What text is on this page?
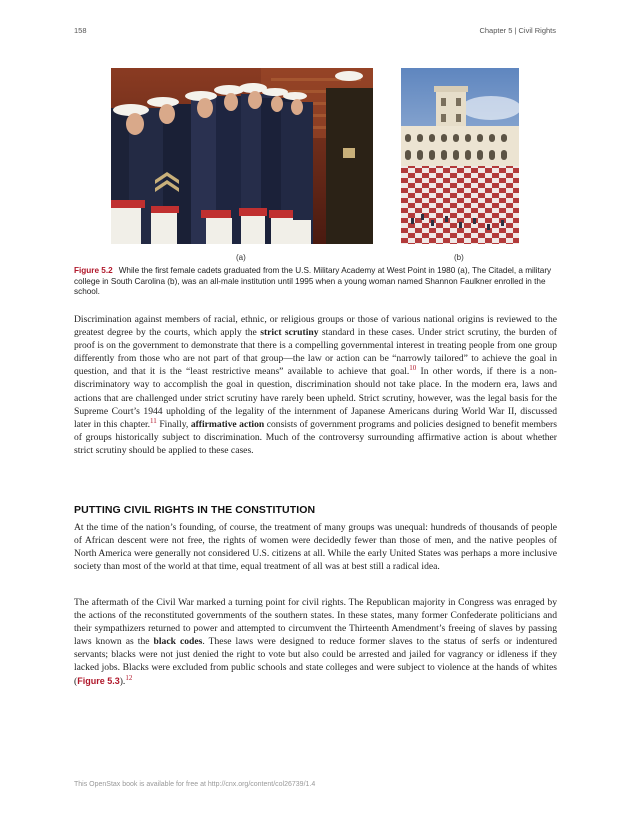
158	Chapter 5 | Civil Rights
(a)	(b)

Figure 5.2 While the first female cadets graduated from the U.S. Military Academy at West Point in 1980 (a), The Citadel, a military college in South Carolina (b), was an all-male institution until 1995 when a young woman named Shannon Faulkner enrolled in the school.

Discrimination against members of racial, ethnic, or religious groups or those of various national origins is reviewed to the greatest degree by the courts, which apply the strict scrutiny standard in these cases. Under strict scrutiny, the burden of proof is on the government to demonstrate that there is a compelling governmental interest in treating people from one group differently from those who are not part of that group—the law or action can be “narrowly tailored” to achieve the goal in question, and that it is the “least restrictive means” available to achieve that goal.$^{10}$ In other words, if there is a non-discriminatory way to accomplish the goal in question, discrimination should not take place. In the modern era, laws and actions that are challenged under strict scrutiny have rarely been upheld. Strict scrutiny, however, was the legal basis for the Supreme Court’s 1944 upholding of the legality of the internment of Japanese Americans during World War II, discussed later in this chapter.$^{11}$ Finally, affirmative action consists of government programs and policies designed to benefit members of groups historically subject to discrimination. Much of the controversy surrounding affirmative action is about whether strict scrutiny should be applied to these cases.

PUTTING CIVIL RIGHTS IN THE CONSTITUTION

At the time of the nation’s founding, of course, the treatment of many groups was unequal: hundreds of thousands of people of African descent were not free, the rights of women were decidedly fewer than those of men, and the native peoples of North America were generally not considered U.S. citizens at all. While the early United States was perhaps a more inclusive society than most of the world at that time, equal treatment of all was at best still a radical idea.

The aftermath of the Civil War marked a turning point for civil rights. The Republican majority in Congress was enraged by the actions of the reconstituted governments of the southern states. In these states, many former Confederate politicians and their sympathizers returned to power and attempted to circumvent the Thirteenth Amendment’s freeing of slaves by passing laws known as the black codes. These laws were designed to reduce former slaves to the status of serfs or indentured servants; blacks were not just denied the right to vote but also could be arrested and jailed for vagrancy or idleness if they lacked jobs. Blacks were excluded from public schools and state colleges and were subject to violence at the hands of whites (Figure 5.3).$^{12}$

This OpenStax book is available for free at http://cnx.org/content/col26739/1.4
